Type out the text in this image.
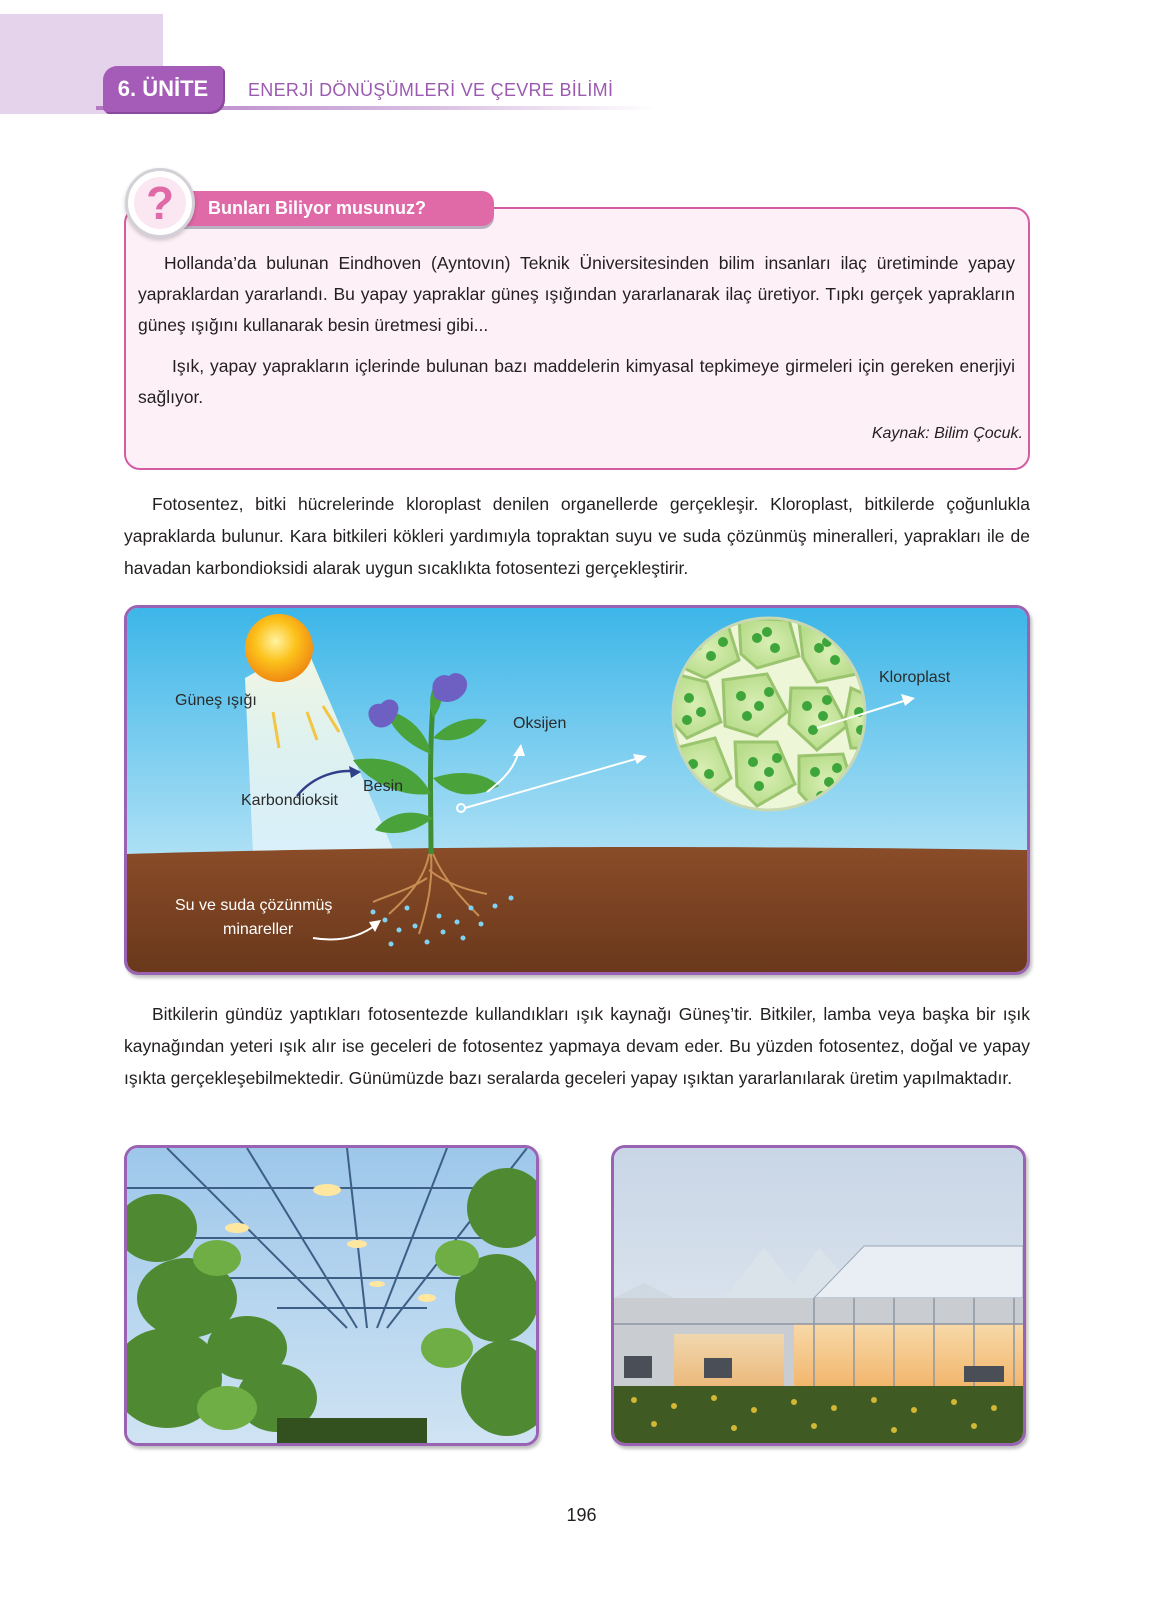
6. ÜNİTE	ENERJİ DÖNÜŞÜMLERİ VE ÇEVRE BİLİMİ
Bunları Biliyor musunuz?
?

Hollanda’da bulunan Eindhoven (Ayntovın) Teknik Üniversitesinden bilim insanları ilaç üretiminde yapay yapraklardan yararlandı. Bu yapay yapraklar güneş ışığından yararlanarak ilaç üretiyor. Tıpkı gerçek yaprakların güneş ışığını kullanarak besin üretmesi gibi...

Işık, yapay yaprakların içlerinde bulunan bazı maddelerin kimyasal tepkimeye girmeleri için gereken enerjiyi sağlıyor.

Kaynak: Bilim Çocuk.

Fotosentez, bitki hücrelerinde kloroplast denilen organellerde gerçekleşir. Kloroplast, bitkilerde çoğunlukla yapraklarda bulunur. Kara bitkileri kökleri yardımıyla topraktan suyu ve suda çözünmüş mineralleri, yaprakları ile de havadan karbondioksidi alarak uygun sıcaklıkta fotosentezi gerçekleştirir.

Güneş ışığı
Karbondioksit
Besin
Oksijen
Kloroplast
Su ve suda çözünmüş
minareller

Bitkilerin gündüz yaptıkları fotosentezde kullandıkları ışık kaynağı Güneş’tir. Bitkiler, lamba veya başka bir ışık kaynağından yeteri ışık alır ise geceleri de fotosentez yapmaya devam eder. Bu yüzden fotosentez, doğal ve yapay ışıkta gerçekleşebilmektedir. Günümüzde bazı seralarda geceleri yapay ışıktan yararlanılarak üretim yapılmaktadır.

196
